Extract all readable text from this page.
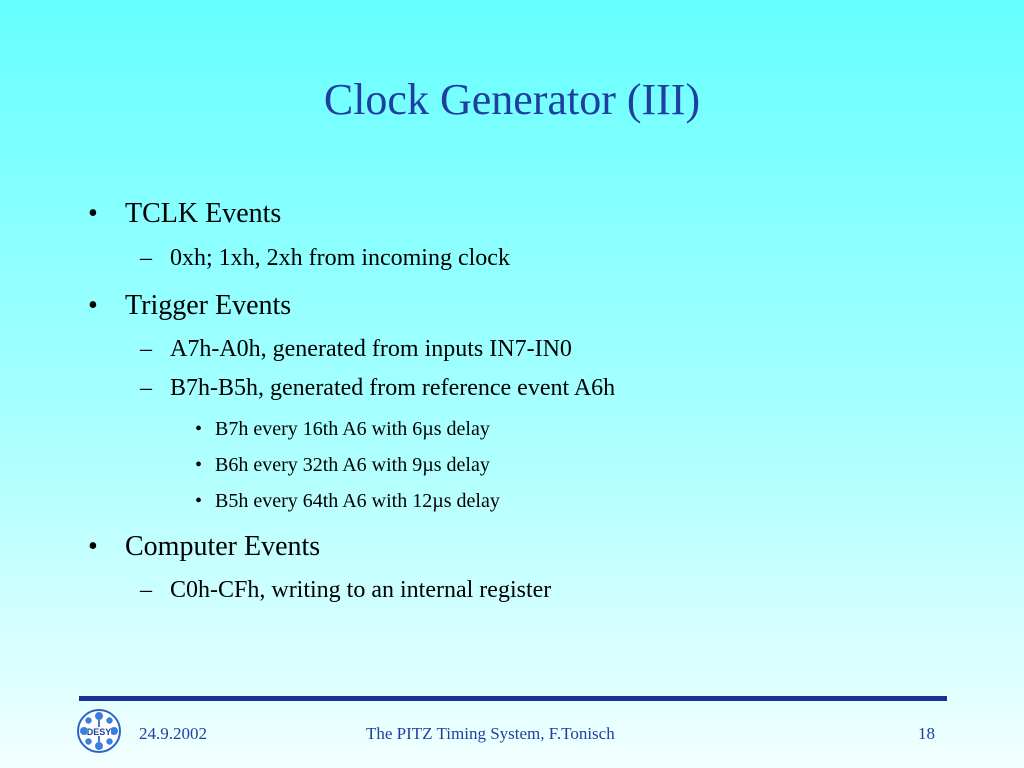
Clock Generator (III)
• TCLK Events
– 0xh; 1xh, 2xh from incoming clock
• Trigger Events
– A7h-A0h, generated from inputs IN7-IN0
– B7h-B5h, generated from reference event A6h
• B7h every 16th A6 with 6µs delay
• B6h every 32th A6 with 9µs delay
• B5h every 64th A6 with 12µs delay
• Computer Events
– C0h-CFh, writing to an internal register
DESY 24.9.2002	The PITZ Timing System, F.Tonisch	18
